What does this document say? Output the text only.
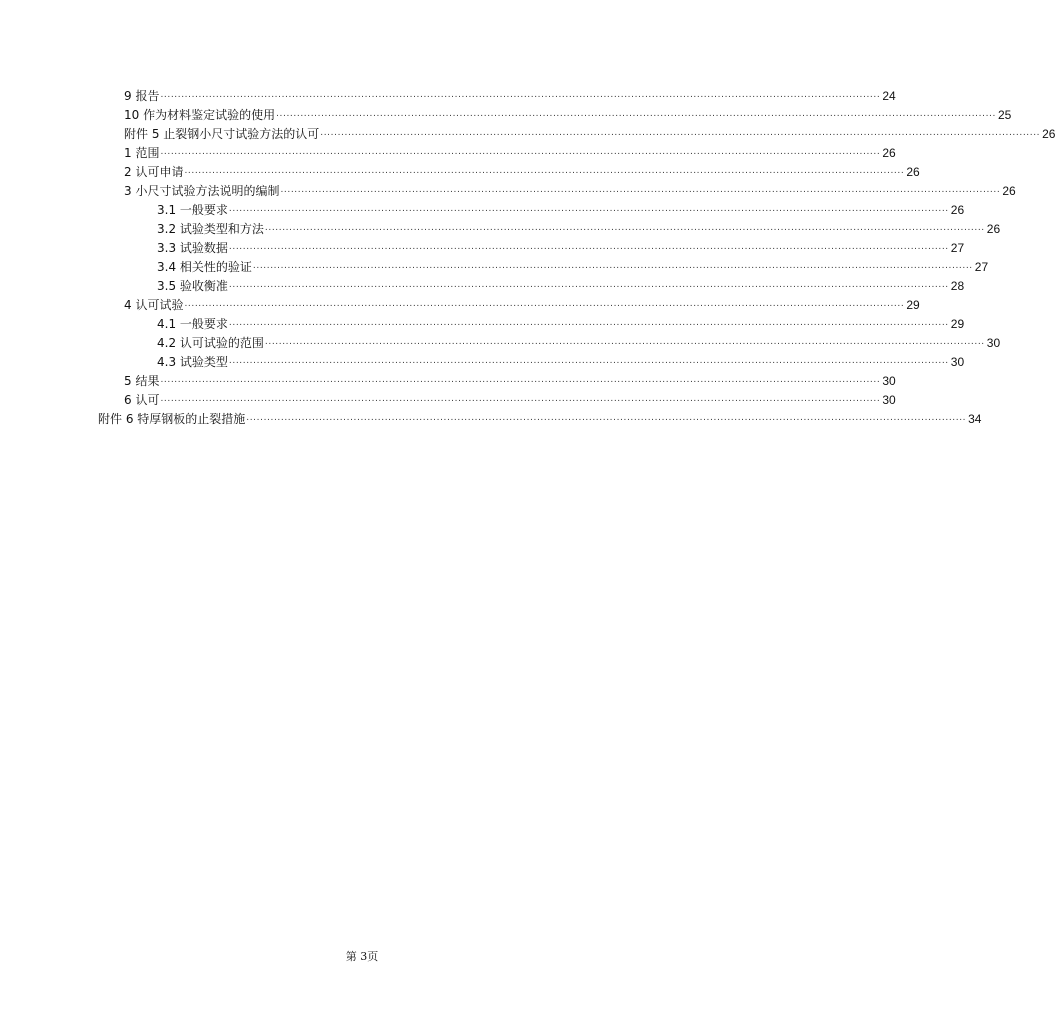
9 报告 ................................................................................................................................................................................................................ 24
10 作为材料鉴定试验的使用 ................................................................................................................................................................................................................ 25
附件 5 止裂钢小尺寸试验方法的认可 ................................................................................................................................................................................................................ 26
1 范围 ................................................................................................................................................................................................................ 26
2 认可申请 ................................................................................................................................................................................................................ 26
3 小尺寸试验方法说明的编制 ................................................................................................................................................................................................................ 26
3.1 一般要求 ................................................................................................................................................................................................................ 26
3.2 试验类型和方法 ................................................................................................................................................................................................................ 26
3.3 试验数据 ................................................................................................................................................................................................................ 27
3.4 相关性的验证 ................................................................................................................................................................................................................ 27
3.5 验收衡准 ................................................................................................................................................................................................................ 28
4 认可试验 ................................................................................................................................................................................................................ 29
4.1 一般要求 ................................................................................................................................................................................................................ 29
4.2 认可试验的范围 ................................................................................................................................................................................................................ 30
4.3 试验类型 ................................................................................................................................................................................................................ 30
5 结果 ................................................................................................................................................................................................................ 30
6 认可 ................................................................................................................................................................................................................ 30
附件 6 特厚钢板的止裂措施 ................................................................................................................................................................................................................ 34
第 3页
